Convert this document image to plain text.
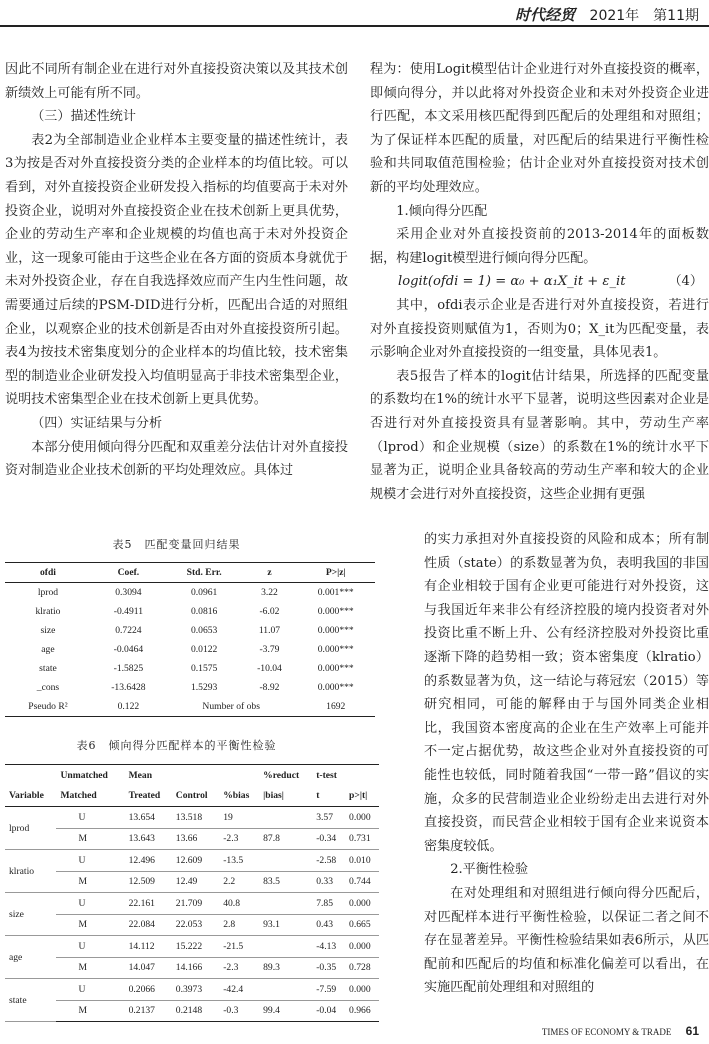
时代经贸 2021年　第11期

因此不同所有制企业在进行对外直接投资决策以及其技术创新绩效上可能有所不同。

（三）描述性统计

表2为全部制造业企业样本主要变量的描述性统计，表3为按是否对外直接投资分类的企业样本的均值比较。可以看到，对外直接投资企业研发投入指标的均值要高于未对外投资企业，说明对外直接投资企业在技术创新上更具优势，企业的劳动生产率和企业规模的均值也高于未对外投资企业，这一现象可能由于这些企业在各方面的资质本身就优于未对外投资企业，存在自我选择效应而产生内生性问题，故需要通过后续的PSM-DID进行分析，匹配出合适的对照组企业，以观察企业的技术创新是否由对外直接投资所引起。表4为按技术密集度划分的企业样本的均值比较，技术密集型的制造业企业研发投入均值明显高于非技术密集型企业，说明技术密集型企业在技术创新上更具优势。

（四）实证结果与分析

本部分使用倾向得分匹配和双重差分法估计对外直接投资对制造业企业技术创新的平均处理效应。具体过

程为：使用Logit模型估计企业进行对外直接投资的概率，即倾向得分，并以此将对外投资企业和未对外投资企业进行匹配，本文采用核匹配得到匹配后的处理组和对照组；为了保证样本匹配的质量，对匹配后的结果进行平衡性检验和共同取值范围检验；估计企业对外直接投资对技术创新的平均处理效应。

1.倾向得分匹配

采用企业对外直接投资前的2013-2014年的面板数据，构建logit模型进行倾向得分匹配。

logit(ofdi = 1) = α₀ + α₁X_it + ε_it	（4）

其中，ofdi表示企业是否进行对外直接投资，若进行对外直接投资则赋值为1，否则为0；X_it为匹配变量，表示影响企业对外直接投资的一组变量，具体见表1。

表5报告了样本的logit估计结果，所选择的匹配变量的系数均在1%的统计水平下显著，说明这些因素对企业是否进行对外直接投资具有显著影响。其中，劳动生产率（lprod）和企业规模（size）的系数在1%的统计水平下显著为正，说明企业具备较高的劳动生产率和较大的企业规模才会进行对外直接投资，这些企业拥有更强

的实力承担对外直接投资的风险和成本；所有制性质（state）的系数显著为负，表明我国的非国有企业相较于国有企业更可能进行对外投资，这与我国近年来非公有经济控股的境内投资者对外投资比重不断上升、公有经济控股对外投资比重逐渐下降的趋势相一致；资本密集度（klratio）的系数显著为负，这一结论与蒋冠宏（2015）等研究相同，可能的解释由于与国外同类企业相比，我国资本密度高的企业在生产效率上可能并不一定占据优势，故这些企业对外直接投资的可能性也较低，同时随着我国“一带一路”倡议的实施，众多的民营制造业企业纷纷走出去进行对外直接投资，而民营企业相较于国有企业来说资本密集度较低。

2.平衡性检验

在对处理组和对照组进行倾向得分匹配后，对匹配样本进行平衡性检验，以保证二者之间不存在显著差异。平衡性检验结果如表6所示，从匹配前和匹配后的均值和标准化偏差可以看出，在实施匹配前处理组和对照组的

表5　匹配变量回归结果
ofdi	Coef.	Std. Err.	z	P>|z|
lprod	0.3094	0.0961	3.22	0.001***
klratio	-0.4911	0.0816	-6.02	0.000***
size	0.7224	0.0653	11.07	0.000***
age	-0.0464	0.0122	-3.79	0.000***
state	-1.5825	0.1575	-10.04	0.000***
_cons	-13.6428	1.5293	-8.92	0.000***
Pseudo R²	0.122	Number of obs		1692
表6　倾向得分匹配样本的平衡性检验
	Unmatched	Mean			%reduct	t-test	
Variable	Matched	Treated	Control	%bias	|bias|	t	p>|t|
lprod	U	13.654	13.518	19		3.57	0.000
	M	13.643	13.66	-2.3	87.8	-0.34	0.731
klratio	U	12.496	12.609	-13.5		-2.58	0.010
	M	12.509	12.49	2.2	83.5	0.33	0.744
size	U	22.161	21.709	40.8		7.85	0.000
	M	22.084	22.053	2.8	93.1	0.43	0.665
age	U	14.112	15.222	-21.5		-4.13	0.000
	M	14.047	14.166	-2.3	89.3	-0.35	0.728
state	U	0.2066	0.3973	-42.4		-7.59	0.000
	M	0.2137	0.2148	-0.3	99.4	-0.04	0.966
TIMES OF ECONOMY & TRADE 61
